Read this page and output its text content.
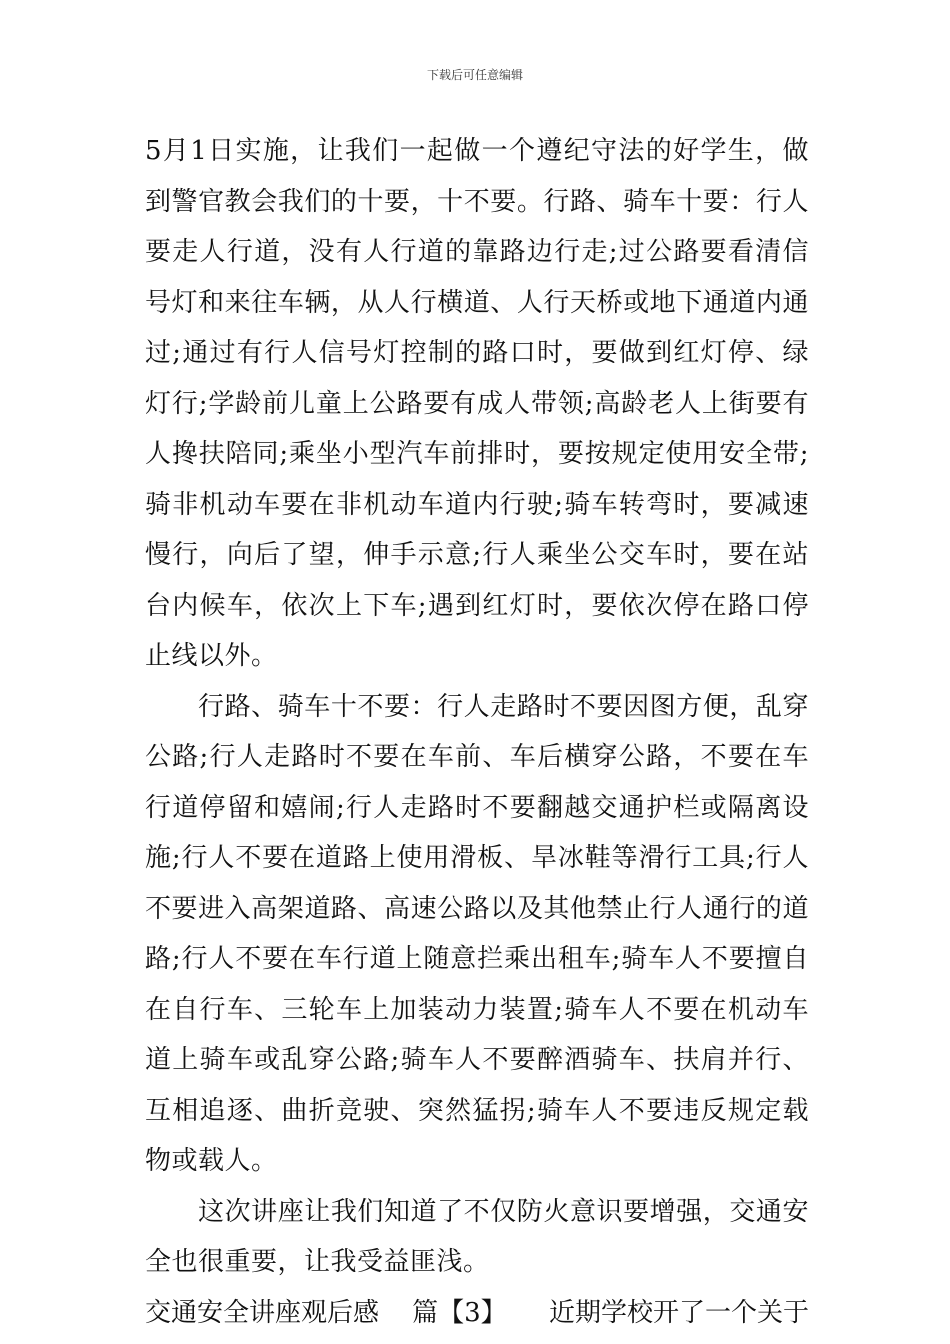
下载后可任意编辑

5月1日实施，让我们一起做一个遵纪守法的好学生，做到警官教会我们的十要，十不要。行路、骑车十要：行人要走人行道，没有人行道的靠路边行走;过公路要看清信号灯和来往车辆，从人行横道、人行天桥或地下通道内通过;通过有行人信号灯控制的路口时，要做到红灯停、绿灯行;学龄前儿童上公路要有成人带领;高龄老人上街要有人搀扶陪同;乘坐小型汽车前排时，要按规定使用安全带;骑非机动车要在非机动车道内行驶;骑车转弯时，要减速慢行，向后了望，伸手示意;行人乘坐公交车时，要在站台内候车，依次上下车;遇到红灯时，要依次停在路口停止线以外。

行路、骑车十不要：行人走路时不要因图方便，乱穿公路;行人走路时不要在车前、车后横穿公路，不要在车行道停留和嬉闹;行人走路时不要翻越交通护栏或隔离设施;行人不要在道路上使用滑板、旱冰鞋等滑行工具;行人不要进入高架道路、高速公路以及其他禁止行人通行的道路;行人不要在车行道上随意拦乘出租车;骑车人不要擅自在自行车、三轮车上加装动力装置;骑车人不要在机动车道上骑车或乱穿公路;骑车人不要醉酒骑车、扶肩并行、互相追逐、曲折竞驶、突然猛拐;骑车人不要违反规定载物或载人。

这次讲座让我们知道了不仅防火意识要增强，交通安全也很重要，让我受益匪浅。

交通安全讲座观后感 篇【3】 近期学校开了一个关于
